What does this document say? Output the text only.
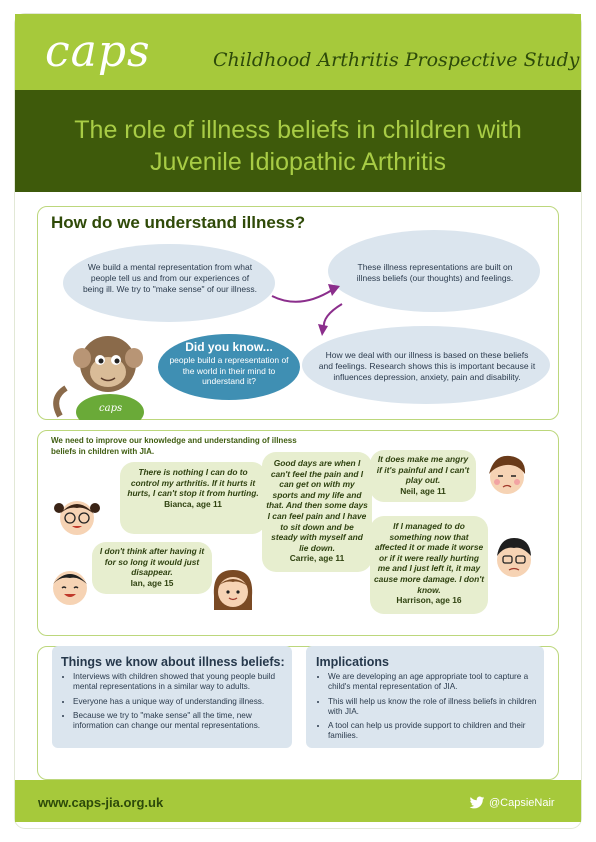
caps	Childhood Arthritis Prospective Study
The role of illness beliefs in children with Juvenile Idiopathic Arthritis
How do we understand illness?
We build a mental representation from what people tell us and from our experiences of being ill. We try to "make sense" of our illness.
These illness representations are built on illness beliefs (our thoughts) and feelings.
How we deal with our illness is based on these beliefs and feelings. Research shows this is important because it influences depression, anxiety, pain and disability.
caps
Did you know...
people build a representation of the world in their mind to understand it?
We need to improve our knowledge and understanding of illness beliefs in children with JIA.
There is nothing I can do to control my arthritis. If it hurts it hurts, I can't stop it from hurting.
Bianca, age 11
I don't think after having it for so long it would just disappear.
Ian, age 15
Good days are when I can't feel the pain and I can get on with my sports and my life and that. And then some days I can feel pain and I have to sit down and be steady with myself and lie down.
Carrie, age 11
It does make me angry if it's painful and I can't play out.
Neil, age 11
If I managed to do something now that affected it or made it worse or if it were really hurting me and I just left it, it may cause more damage. I don't know.
Harrison, age 16
Things we know about illness beliefs:
• Interviews with children showed that young people build mental representations in a similar way to adults.
• Everyone has a unique way of understanding illness.
• Because we try to "make sense" all the time, new information can change our mental representations.
Implications
• We are developing an age appropriate tool to capture a child's mental representation of JIA.
• This will help us know the role of illness beliefs in children with JIA.
• A tool can help us provide support to children and their families.
www.caps-jia.org.uk	@CapsieNair
